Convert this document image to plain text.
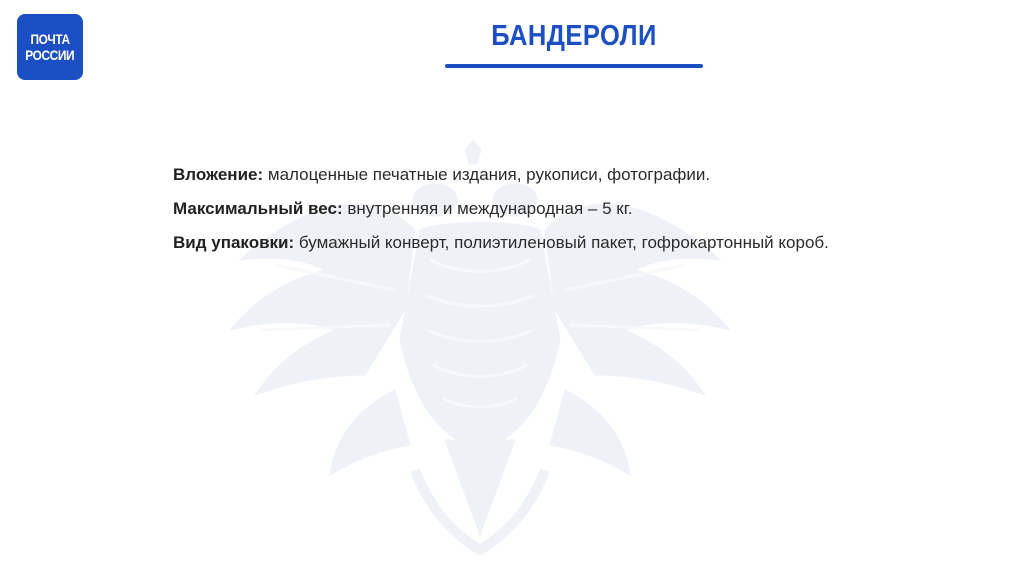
ПОЧТА
РОССИИ
БАНДЕРОЛИ

Вложение: малоценные печатные издания, рукописи, фотографии.

Максимальный вес: внутренняя и международная – 5 кг.

Вид упаковки: бумажный конверт, полиэтиленовый пакет, гофрокартонный короб.
